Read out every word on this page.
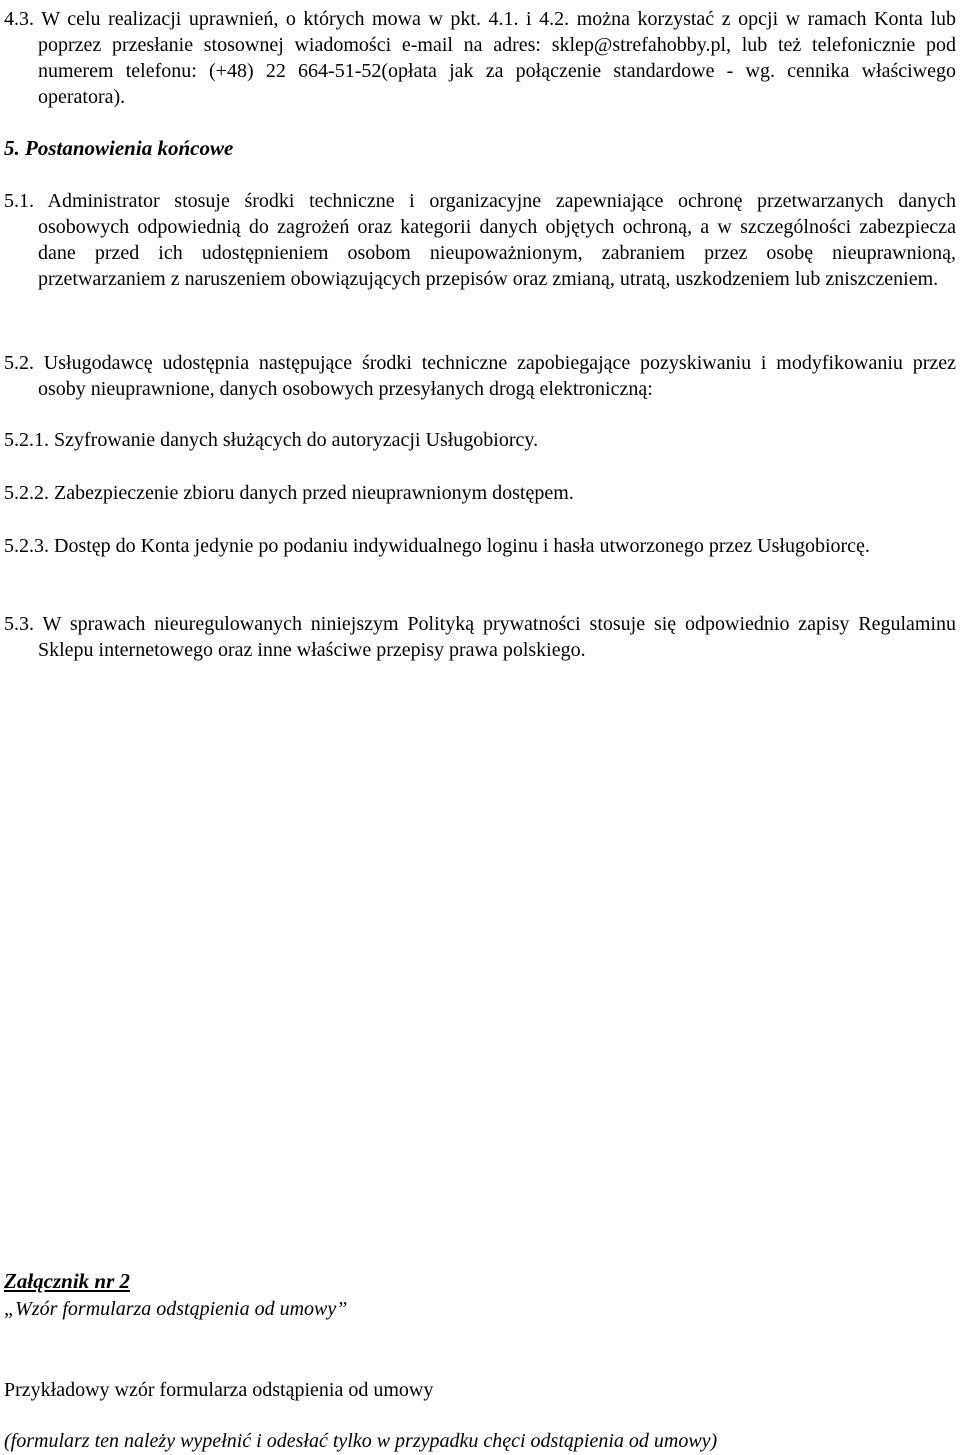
4.3. W celu realizacji uprawnień, o których mowa w pkt. 4.1. i 4.2. można korzystać z opcji w ramach Konta lub poprzez przesłanie stosownej wiadomości e-mail na adres: sklep@strefahobby.pl, lub też telefonicznie pod numerem telefonu: (+48) 22 664-51-52(opłata jak za połączenie standardowe - wg. cennika właściwego operatora).

5. Postanowienia końcowe

5.1. Administrator stosuje środki techniczne i organizacyjne zapewniające ochronę przetwarzanych danych osobowych odpowiednią do zagrożeń oraz kategorii danych objętych ochroną, a w szczególności zabezpiecza dane przed ich udostępnieniem osobom nieupoważnionym, zabraniem przez osobę nieuprawnioną, przetwarzaniem z naruszeniem obowiązujących przepisów oraz zmianą, utratą, uszkodzeniem lub zniszczeniem.

5.2. Usługodawcę udostępnia następujące środki techniczne zapobiegające pozyskiwaniu i modyfikowaniu przez osoby nieuprawnione, danych osobowych przesyłanych drogą elektroniczną:

5.2.1. Szyfrowanie danych służących do autoryzacji Usługobiorcy.

5.2.2. Zabezpieczenie zbioru danych przed nieuprawnionym dostępem.

5.2.3. Dostęp do Konta jedynie po podaniu indywidualnego loginu i hasła utworzonego przez Usługobiorcę.

5.3. W sprawach nieuregulowanych niniejszym Polityką prywatności stosuje się odpowiednio zapisy Regulaminu Sklepu internetowego oraz inne właściwe przepisy prawa polskiego.

Załącznik nr 2

„Wzór formularza odstąpienia od umowy”

Przykładowy wzór formularza odstąpienia od umowy

(formularz ten należy wypełnić i odesłać tylko w przypadku chęci odstąpienia od umowy)
